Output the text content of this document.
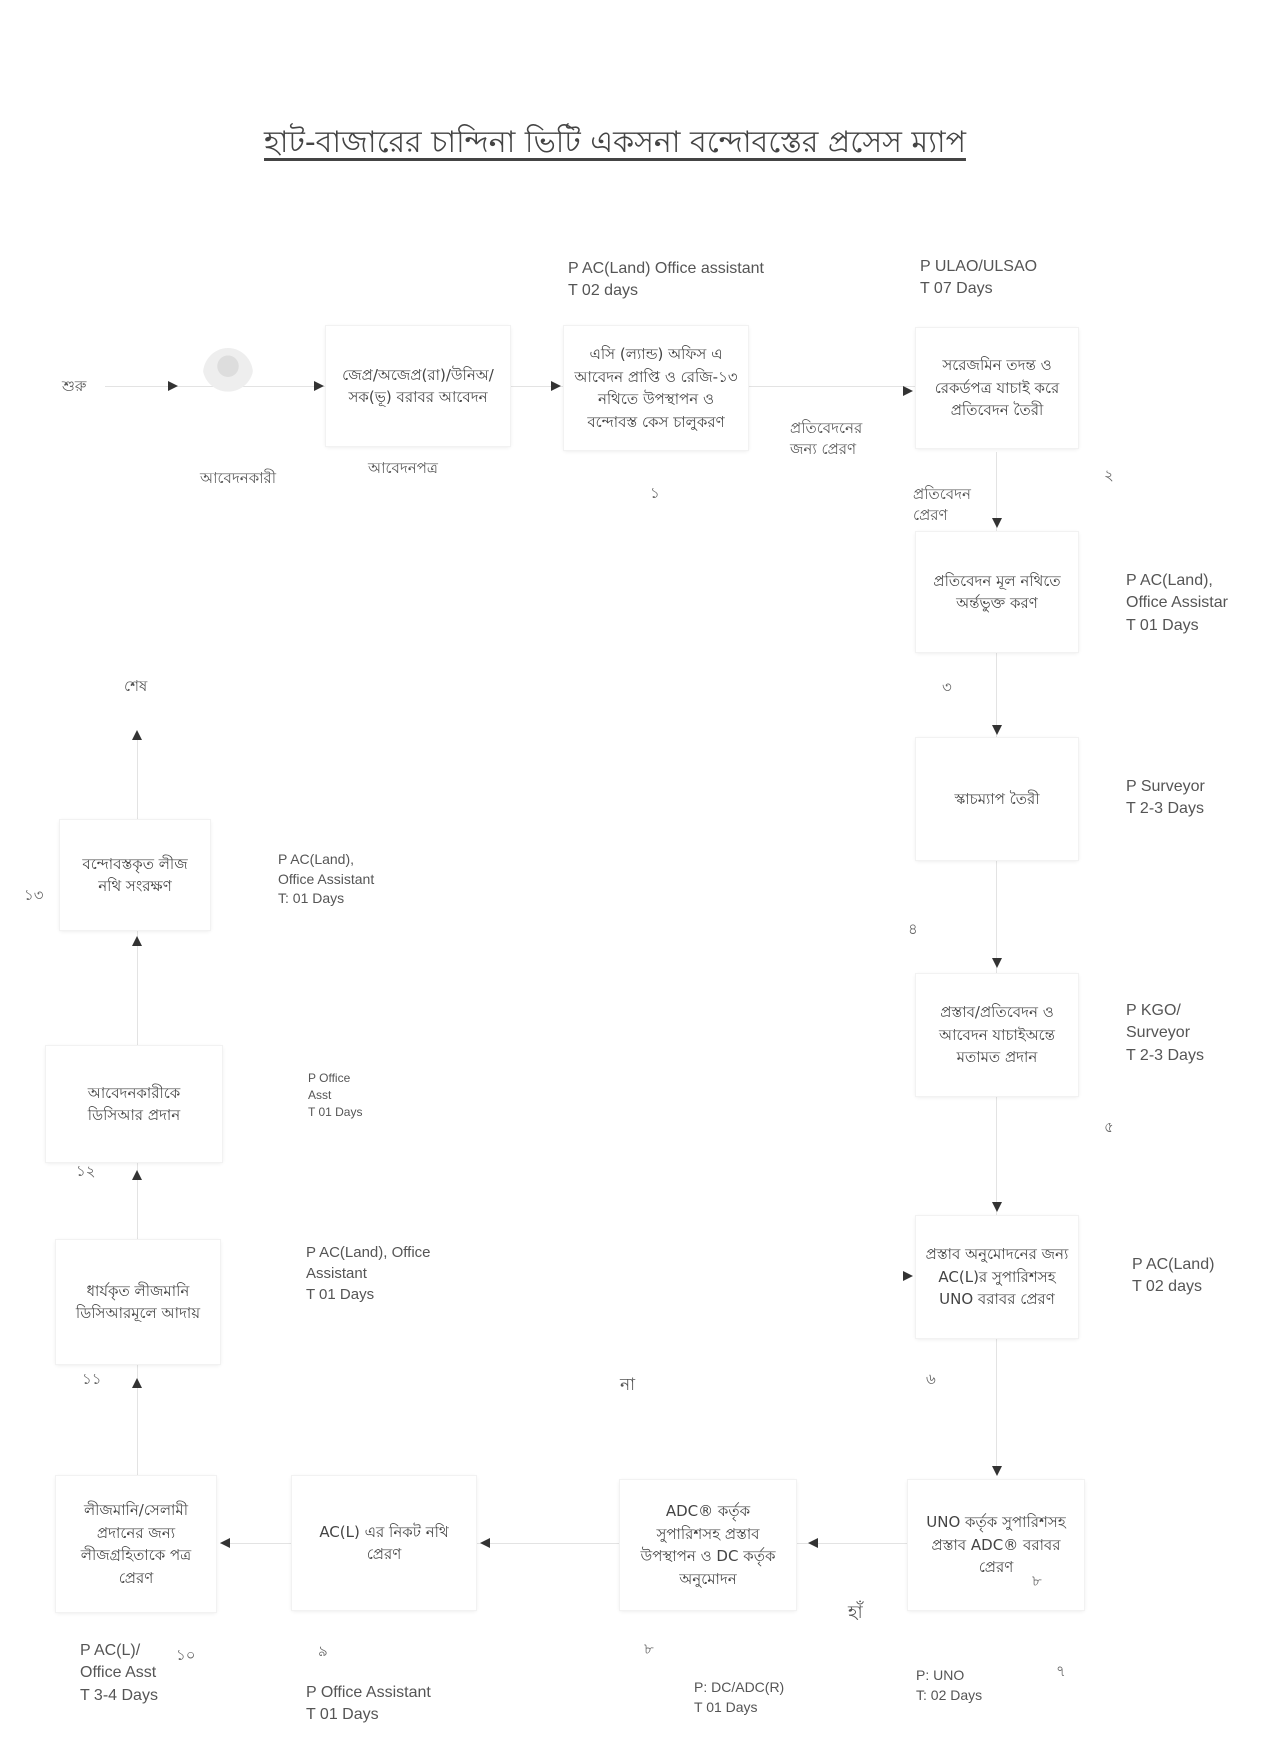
হাট-বাজারের চান্দিনা ভিটি একসনা বন্দোবস্তের প্রসেস ম্যাপ
শুরু
আবেদনকারী
আবেদনপত্র
জেপ্র/অজেপ্র(রা)/উনিঅ/
সক(ভূ) বরাবর আবেদন
এসি (ল্যান্ড) অফিস এ
আবেদন প্রাপ্তি ও রেজি-১৩
নথিতে উপস্থাপন ও
বন্দোবস্ত কেস চালুকরণ
P AC(Land) Office assistant
T 02 days
১
প্রতিবেদনের
জন্য প্রেরণ
সরেজমিন তদন্ত ও
রেকর্ডপত্র যাচাই করে
প্রতিবেদন তৈরী
P ULAO/ULSAO
T 07 Days
২
প্রতিবেদন
প্রেরণ
প্রতিবেদন মূল নথিতে
অর্ন্তভুক্ত করণ
P AC(Land),
Office Assistar
T 01 Days
৩
স্কাচম্যাপ তৈরী
P Surveyor
T 2-3 Days
৪
প্রস্তাব/প্রতিবেদন ও
আবেদন যাচাইঅন্তে
মতামত প্রদান
P KGO/
Surveyor
T 2-3 Days
৫
প্রস্তাব অনুমোদনের জন্য
AC(L)র সুপারিশসহ
UNO বরাবর প্রেরণ
P AC(Land)
T 02 days
৬
না
UNO কর্তৃক সুপারিশসহ
প্রস্তাব ADC® বরাবর
প্রেরণ
৮
P: UNO
T: 02 Days
৭
হাঁ
ADC® কর্তৃক
সুপারিশসহ প্রস্তাব
উপস্থাপন ও DC কর্তৃক
অনুমোদন
P: DC/ADC(R)
T 01 Days
৮
AC(L) এর নিকট নথি
প্রেরণ
৯
P Office Assistant
T 01 Days
লীজমানি/সেলামী
প্রদানের জন্য
লীজগ্রহিতাকে পত্র
প্রেরণ
P AC(L)/
Office Asst
T 3-4 Days
১০
১১
ধার্যকৃত লীজমানি
ডিসিআরমূলে আদায়
P AC(Land), Office
Assistant
T 01 Days
১২
আবেদনকারীকে
ডিসিআর প্রদান
P Office
Asst
T 01 Days
বন্দোবস্তকৃত লীজ
নথি সংরক্ষণ
P AC(Land),
Office Assistant
T: 01 Days
১৩
শেষ
